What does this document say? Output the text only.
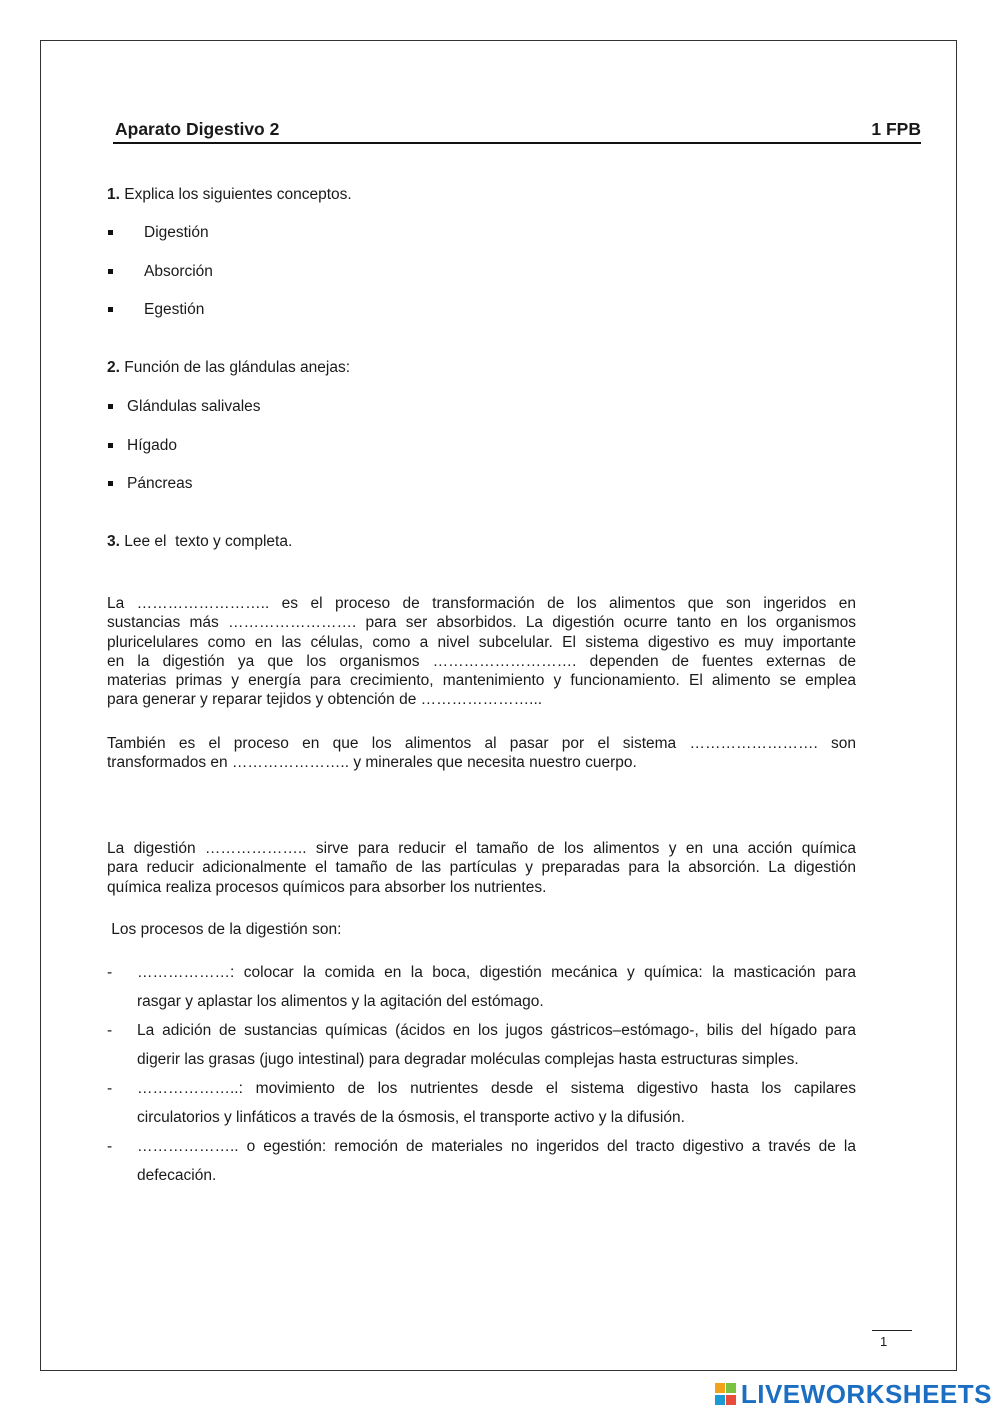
Aparato Digestivo 2	1 FPB
1. Explica los siguientes conceptos.
Digestión
Absorción
Egestión
2. Función de las glándulas anejas:
Glándulas salivales
Hígado
Páncreas
3. Lee el  texto y completa.
La …………………….. es el proceso de transformación de los alimentos que son ingeridos en
sustancias más ……………………. para ser absorbidos. La digestión ocurre tanto en los organismos
pluricelulares como en las células, como a nivel subcelular. El sistema digestivo es muy importante
en la digestión ya que los organismos ………………………. dependen de fuentes externas de
materias primas y energía para crecimiento, mantenimiento y funcionamiento. El alimento se emplea
para generar y reparar tejidos y obtención de …………………...
También es el proceso en que los alimentos al pasar por el sistema ……………………. son
transformados en ………………….. y minerales que necesita nuestro cuerpo.
La digestión ……………….. sirve para reducir el tamaño de los alimentos y en una acción química
para reducir adicionalmente el tamaño de las partículas y preparadas para la absorción. La digestión
química realiza procesos químicos para absorber los nutrientes.
Los procesos de la digestión son:
- ………………: colocar la comida en la boca, digestión mecánica y química: la masticación para
rasgar y aplastar los alimentos y la agitación del estómago.
- La adición de sustancias químicas (ácidos en los jugos gástricos–estómago-, bilis del hígado para
digerir las grasas (jugo intestinal) para degradar moléculas complejas hasta estructuras simples.
- ………………..: movimiento de los nutrientes desde el sistema digestivo hasta los capilares
circulatorios y linfáticos a través de la ósmosis, el transporte activo y la difusión.
- ……………….. o egestión: remoción de materiales no ingeridos del tracto digestivo a través de la
defecación.
1
LIVEWORKSHEETS
